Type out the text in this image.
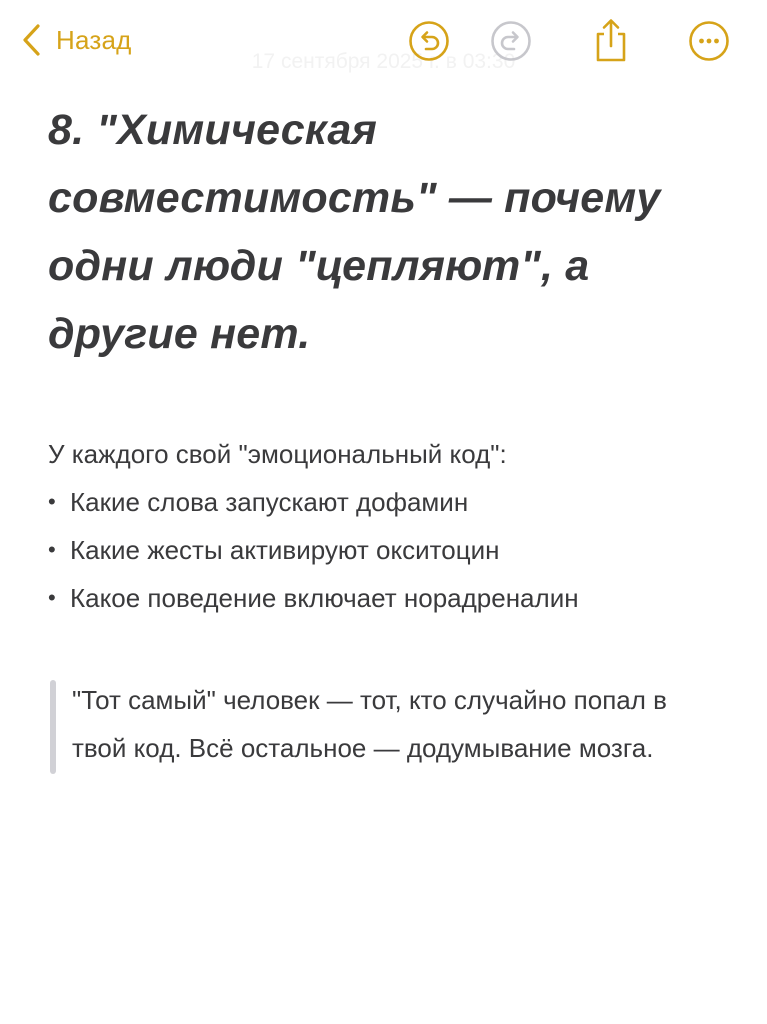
Назад
17 сентября 2025 г. в 03:30
8. "Химическая совместимость" — почему одни люди "цепляют", а другие нет.
У каждого свой "эмоциональный код":
• Какие слова запускают дофамин
• Какие жесты активируют окситоцин
• Какое поведение включает норадреналин
"Тот самый" человек — тот, кто случайно попал в твой код. Всё остальное — додумывание мозга.
